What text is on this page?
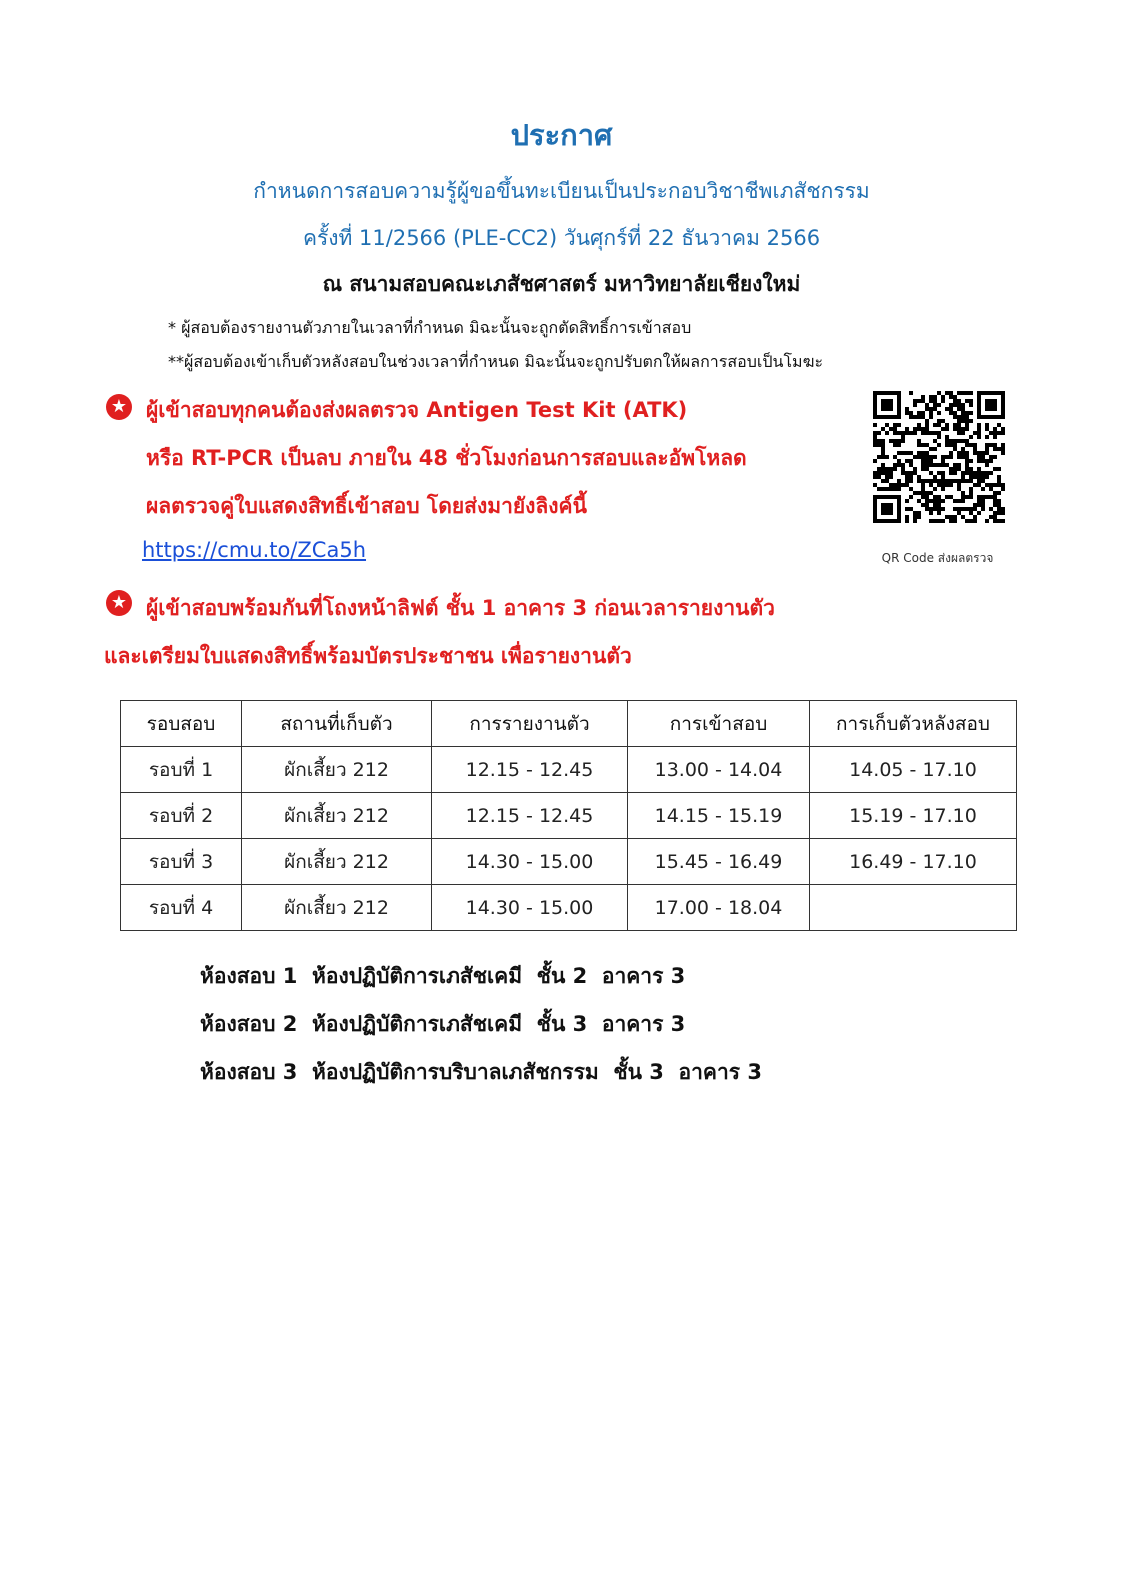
ประกาศ
กำหนดการสอบความรู้ผู้ขอขึ้นทะเบียนเป็นประกอบวิชาชีพเภสัชกรรม
ครั้งที่ 11/2566 (PLE-CC2) วันศุกร์ที่ 22 ธันวาคม 2566
ณ สนามสอบคณะเภสัชศาสตร์ มหาวิทยาลัยเชียงใหม่
* ผู้สอบต้องรายงานตัวภายในเวลาที่กำหนด มิฉะนั้นจะถูกตัดสิทธิ์การเข้าสอบ
**ผู้สอบต้องเข้าเก็บตัวหลังสอบในช่วงเวลาที่กำหนด มิฉะนั้นจะถูกปรับตกให้ผลการสอบเป็นโมฆะ
★ ผู้เข้าสอบทุกคนต้องส่งผลตรวจ Antigen Test Kit (ATK)
หรือ RT-PCR เป็นลบ ภายใน 48 ชั่วโมงก่อนการสอบและอัพโหลด
ผลตรวจคู่ใบแสดงสิทธิ์เข้าสอบ โดยส่งมายังลิงค์นี้
https://cmu.to/ZCa5h	QR Code ส่งผลตรวจ
★ ผู้เข้าสอบพร้อมกันที่โถงหน้าลิฟต์ ชั้น 1 อาคาร 3 ก่อนเวลารายงานตัว
และเตรียมใบแสดงสิทธิ์พร้อมบัตรประชาชน เพื่อรายงานตัว
รอบสอบ	สถานที่เก็บตัว	การรายงานตัว	การเข้าสอบ	การเก็บตัวหลังสอบ
รอบที่ 1	ผักเสี้ยว 212	12.15 - 12.45	13.00 - 14.04	14.05 - 17.10
รอบที่ 2	ผักเสี้ยว 212	12.15 - 12.45	14.15 - 15.19	15.19 - 17.10
รอบที่ 3	ผักเสี้ยว 212	14.30 - 15.00	15.45 - 16.49	16.49 - 17.10
รอบที่ 4	ผักเสี้ยว 212	14.30 - 15.00	17.00 - 18.04	
ห้องสอบ 1  ห้องปฏิบัติการเภสัชเคมี  ชั้น 2  อาคาร 3
ห้องสอบ 2  ห้องปฏิบัติการเภสัชเคมี  ชั้น 3  อาคาร 3
ห้องสอบ 3  ห้องปฏิบัติการบริบาลเภสัชกรรม  ชั้น 3  อาคาร 3
